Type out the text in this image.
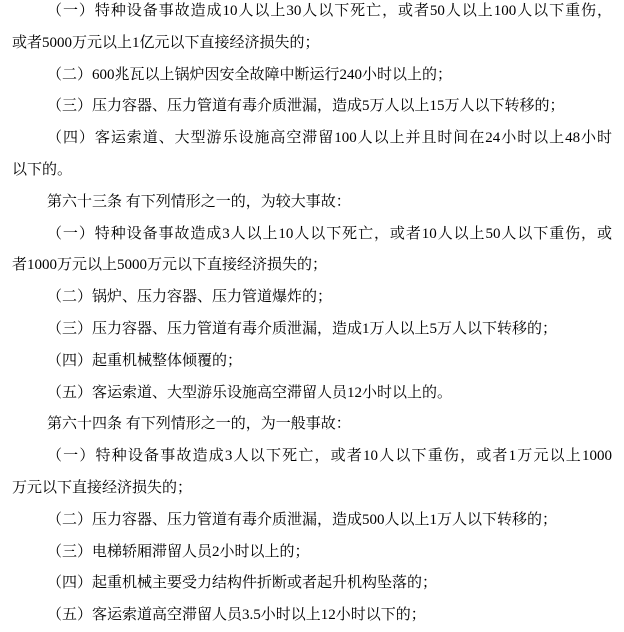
（一）特种设备事故造成10人以上30人以下死亡，或者50人以上100人以下重伤，
或者5000万元以上1亿元以下直接经济损失的；
（二）600兆瓦以上锅炉因安全故障中断运行240小时以上的；
（三）压力容器、压力管道有毒介质泄漏，造成5万人以上15万人以下转移的；
（四）客运索道、大型游乐设施高空滞留100人以上并且时间在24小时以上48小时
以下的。
第六十三条 有下列情形之一的，为较大事故：
（一）特种设备事故造成3人以上10人以下死亡，或者10人以上50人以下重伤，或
者1000万元以上5000万元以下直接经济损失的；
（二）锅炉、压力容器、压力管道爆炸的；
（三）压力容器、压力管道有毒介质泄漏，造成1万人以上5万人以下转移的；
（四）起重机械整体倾覆的；
（五）客运索道、大型游乐设施高空滞留人员12小时以上的。
第六十四条 有下列情形之一的，为一般事故：
（一）特种设备事故造成3人以下死亡，或者10人以下重伤，或者1万元以上1000
万元以下直接经济损失的；
（二）压力容器、压力管道有毒介质泄漏，造成500人以上1万人以下转移的；
（三）电梯轿厢滞留人员2小时以上的；
（四）起重机械主要受力结构件折断或者起升机构坠落的；
（五）客运索道高空滞留人员3.5小时以上12小时以下的；
